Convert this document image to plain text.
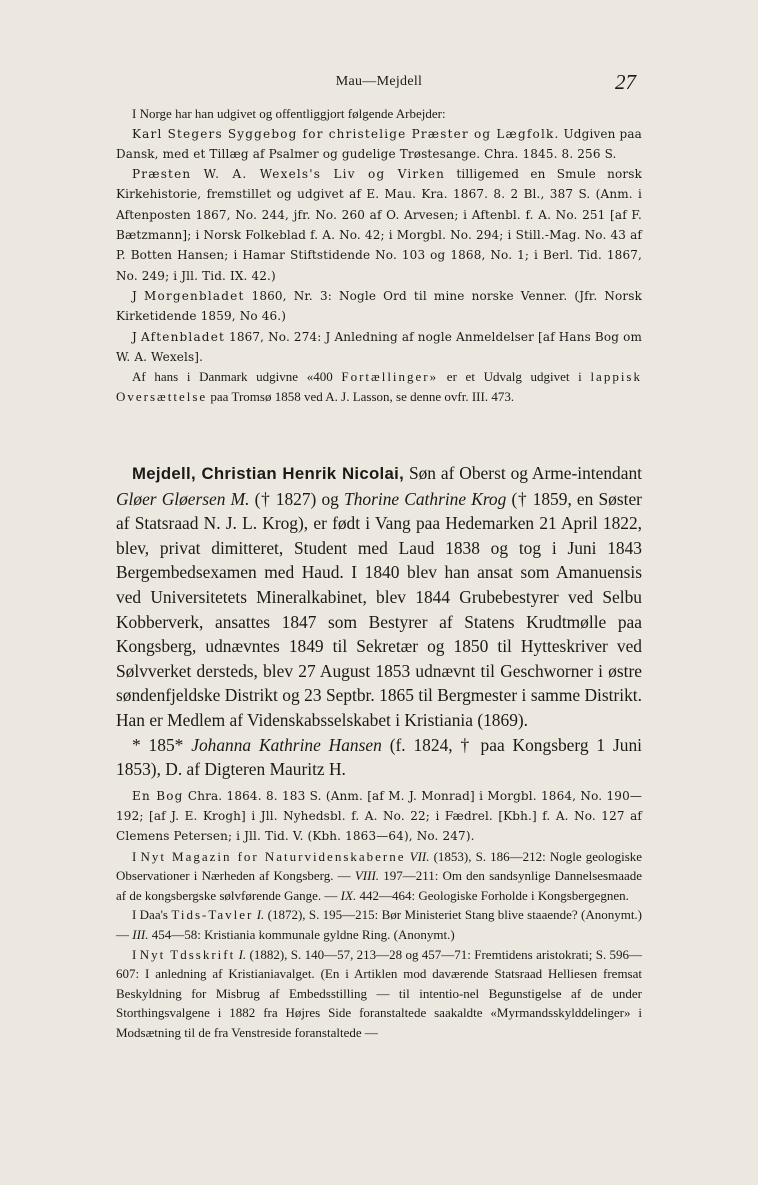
Mau—Mejdell	27

I Norge har han udgivet og offentliggjort følgende Arbejder:

Karl Stegers Syggebog for christelige Præster og Lægfolk. Udgiven paa Dansk, med et Tillæg af Psalmer og gudelige Trøstesange. Chra. 1845. 8. 256 S.

Præsten W. A. Wexels's Liv og Virken tilligemed en Smule norsk Kirkehistorie, fremstillet og udgivet af E. Mau. Kra. 1867. 8. 2 Bl., 387 S. (Anm. i Aftenposten 1867, No. 244, jfr. No. 260 af O. Arvesen; i Aftenbl. f. A. No. 251 [af F. Bætzmann]; i Norsk Folkeblad f. A. No. 42; i Morgbl. No. 294; i Still.-Mag. No. 43 af P. Botten Hansen; i Hamar Stiftstidende No. 103 og 1868, No. 1; i Berl. Tid. 1867, No. 249; i Jll. Tid. IX. 42.)

J Morgenbladet 1860, Nr. 3: Nogle Ord til mine norske Venner. (Jfr. Norsk Kirketidende 1859, No 46.)

J Aftenbladet 1867, No. 274: J Anledning af nogle Anmeldelser [af Hans Bog om W. A. Wexels].

Af hans i Danmark udgivne «400 Fortællinger» er et Udvalg udgivet i lappisk Oversættelse paa Tromsø 1858 ved A. J. Lasson, se denne ovfr. III. 473.

Mejdell, Christian Henrik Nicolai, Søn af Oberst og Arme-intendant Gløer Gløersen M. († 1827) og Thorine Cathrine Krog († 1859, en Søster af Statsraad N. J. L. Krog), er født i Vang paa Hedemarken 21 April 1822, blev, privat dimitteret, Student med Laud 1838 og tog i Juni 1843 Bergembedsexamen med Haud. I 1840 blev han ansat som Amanuensis ved Universitetets Mineralkabinet, blev 1844 Grubebestyrer ved Selbu Kobberverk, ansattes 1847 som Bestyrer af Statens Krudtmølle paa Kongsberg, udnævntes 1849 til Sekretær og 1850 til Hytteskriver ved Sølvverket dersteds, blev 27 August 1853 udnævnt til Geschworner i østre søndenfjeldske Distrikt og 23 Septbr. 1865 til Bergmester i samme Distrikt. Han er Medlem af Videnskabsselskabet i Kristiania (1869).

* 185* Johanna Kathrine Hansen (f. 1824, † paa Kongsberg 1 Juni 1853), D. af Digteren Mauritz H.

En Bog Chra. 1864. 8. 183 S. (Anm. [af M. J. Monrad] i Morgbl. 1864, No. 190—192; [af J. E. Krogh] i Jll. Nyhedsbl. f. A. No. 22; i Fædrel. [Kbh.] f. A. No. 127 af Clemens Petersen; i Jll. Tid. V. (Kbh. 1863—64), No. 247).

I Nyt Magazin for Naturvidenskaberne VII. (1853), S. 186—212: Nogle geologiske Observationer i Nærheden af Kongsberg. — VIII. 197—211: Om den sandsynlige Dannelsesmaade af de kongsbergske sølvførende Gange. — IX. 442—464: Geologiske Forholde i Kongsbergegnen.

I Daa's Tids-Tavler I. (1872), S. 195—215: Bør Ministeriet Stang blive staaende? (Anonymt.) — III. 454—58: Kristiania kommunale gyldne Ring. (Anonymt.)

I Nyt Tdsskrift I. (1882), S. 140—57, 213—28 og 457—71: Fremtidens aristokrati; S. 596—607: I anledning af Kristianiavalget. (En i Artiklen mod daværende Statsraad Helliesen fremsat Beskyldning for Misbrug af Embedsstilling — til intentio-nel Begunstigelse af de under Storthingsvalgene i 1882 fra Højres Side foranstaltede saakaldte «Myrmandsskylddelinger» i Modsætning til de fra Venstreside foranstaltede —
